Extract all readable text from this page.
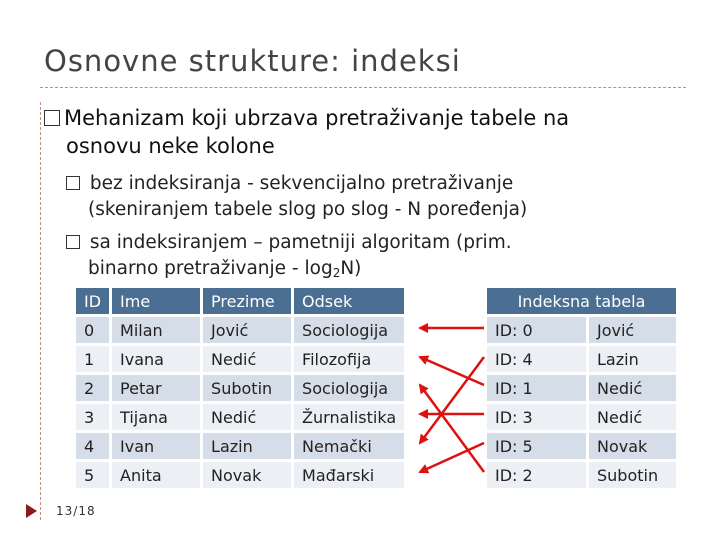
Osnovne strukture: indeksi
Mehanizam koji ubrzava pretraživanje tabele na
osnovu neke kolone
bez indeksiranja - sekvencijalno pretraživanje
(skeniranjem tabele slog po slog - N poređenja)
sa indeksiranjem – pametniji algoritam (prim.
binarno pretraživanje - $\log_2N$)
ID	Ime	Prezime	Odsek
0	Milan	Jović	Sociologija
1	Ivana	Nedić	Filozofija
2	Petar	Subotin	Sociologija
3	Tijana	Nedić	Žurnalistika
4	Ivan	Lazin	Nemački
5	Anita	Novak	Mađarski
Indeksna tabela	
ID: 0	Jović
ID: 4	Lazin
ID: 1	Nedić
ID: 3	Nedić
ID: 5	Novak
ID: 2	Subotin
13/18
